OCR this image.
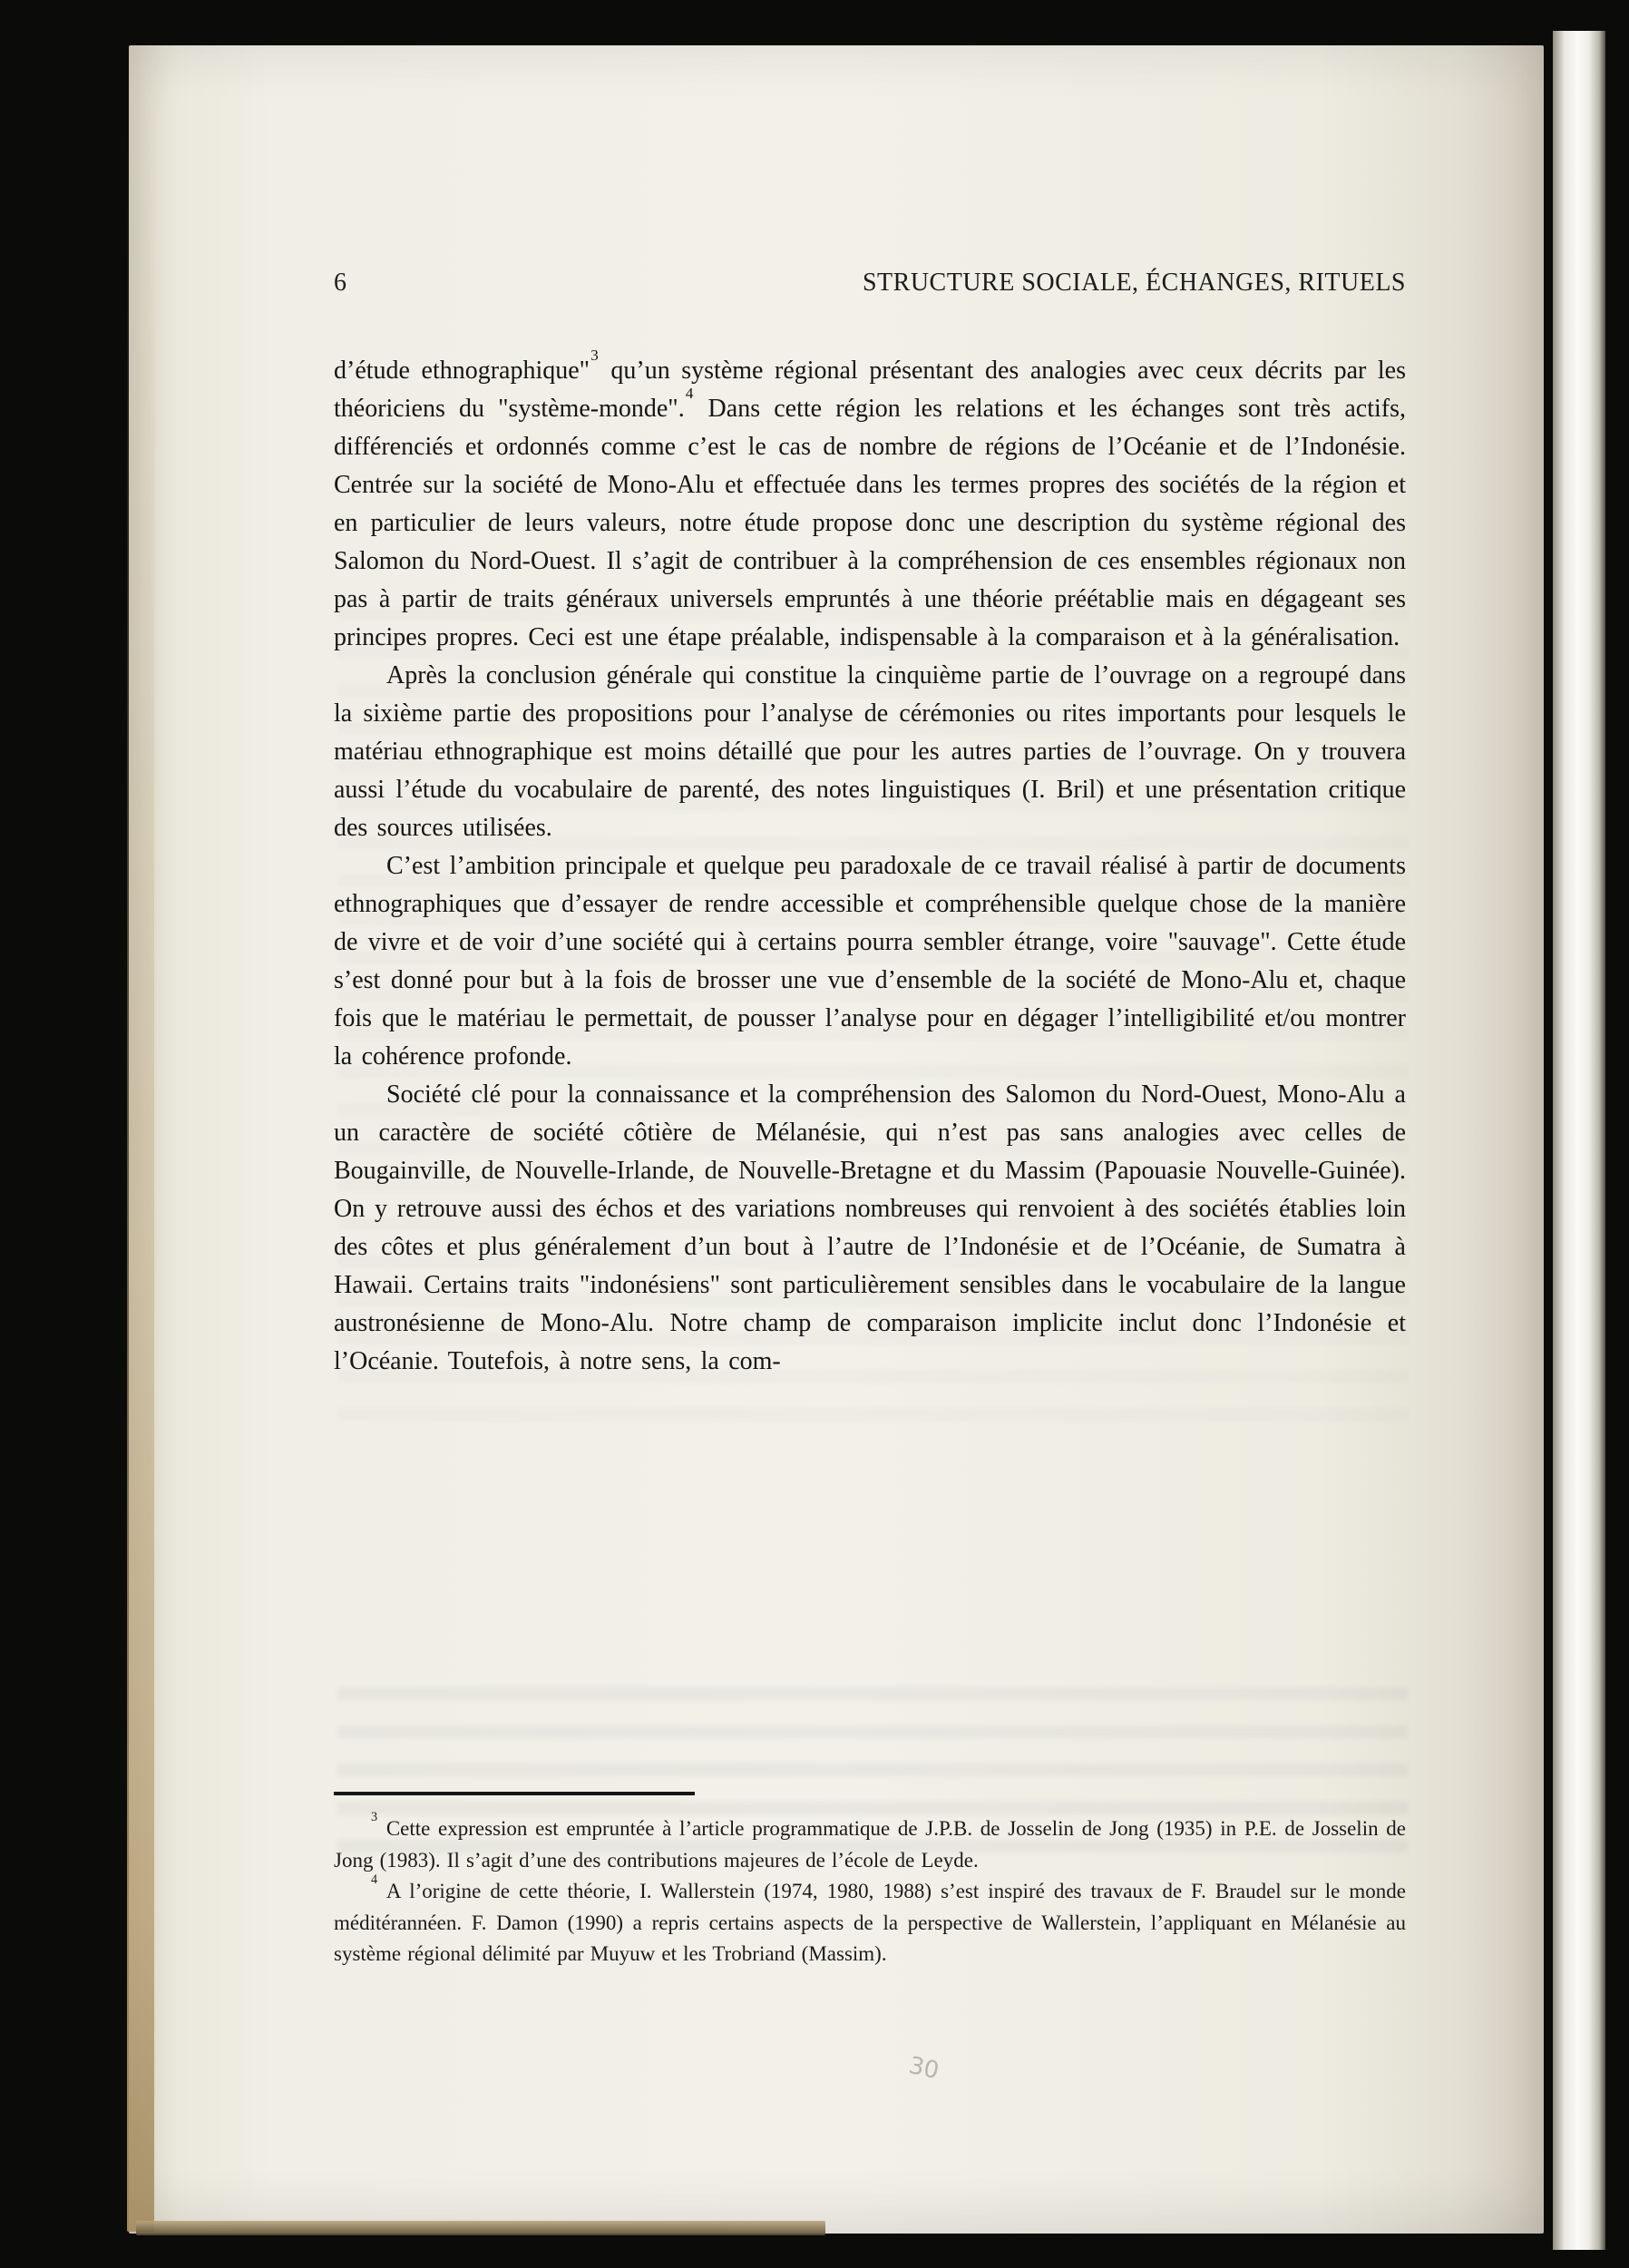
6	STRUCTURE SOCIALE, ÉCHANGES, RITUELS

d’étude ethnographique"$^3$ qu’un système régional présentant des analogies avec ceux décrits par les théoriciens du "système-monde".$^4$ Dans cette région les relations et les échanges sont très actifs, différenciés et ordonnés comme c’est le cas de nombre de régions de l’Océanie et de l’Indonésie. Centrée sur la société de Mono-Alu et effectuée dans les termes propres des sociétés de la région et en particulier de leurs valeurs, notre étude propose donc une description du système régional des Salomon du Nord-Ouest. Il s’agit de contribuer à la compréhension de ces ensembles régionaux non pas à partir de traits généraux universels empruntés à une théorie préétablie mais en dégageant ses principes propres. Ceci est une étape préalable, indispensable à la comparaison et à la généralisation.

Après la conclusion générale qui constitue la cinquième partie de l’ouvrage on a regroupé dans la sixième partie des propositions pour l’analyse de cérémonies ou rites importants pour lesquels le matériau ethnographique est moins détaillé que pour les autres parties de l’ouvrage. On y trouvera aussi l’étude du vocabulaire de parenté, des notes linguistiques (I. Bril) et une présentation critique des sources utilisées.

C’est l’ambition principale et quelque peu paradoxale de ce travail réalisé à partir de documents ethnographiques que d’essayer de rendre accessible et compréhensible quelque chose de la manière de vivre et de voir d’une société qui à certains pourra sembler étrange, voire "sauvage". Cette étude s’est donné pour but à la fois de brosser une vue d’ensemble de la société de Mono-Alu et, chaque fois que le matériau le permettait, de pousser l’analyse pour en dégager l’intelligibilité et/ou montrer la cohérence profonde.

Société clé pour la connaissance et la compréhension des Salomon du Nord-Ouest, Mono-Alu a un caractère de société côtière de Mélanésie, qui n’est pas sans analogies avec celles de Bougainville, de Nouvelle-Irlande, de Nouvelle-Bretagne et du Massim (Papouasie Nouvelle-Guinée). On y retrouve aussi des échos et des variations nombreuses qui renvoient à des sociétés établies loin des côtes et plus généralement d’un bout à l’autre de l’Indonésie et de l’Océanie, de Sumatra à Hawaii. Certains traits "indonésiens" sont particulièrement sensibles dans le vocabulaire de la langue austronésienne de Mono-Alu. Notre champ de comparaison implicite inclut donc l’Indonésie et l’Océanie. Toutefois, à notre sens, la com-

$^3$ Cette expression est empruntée à l’article programmatique de J.P.B. de Josselin de Jong (1935) in P.E. de Josselin de Jong (1983). Il s’agit d’une des contributions majeures de l’école de Leyde.

$^4$ A l’origine de cette théorie, I. Wallerstein (1974, 1980, 1988) s’est inspiré des travaux de F. Braudel sur le monde méditérannéen. F. Damon (1990) a repris certains aspects de la perspective de Wallerstein, l’appliquant en Mélanésie au système régional délimité par Muyuw et les Trobriand (Massim).

30
